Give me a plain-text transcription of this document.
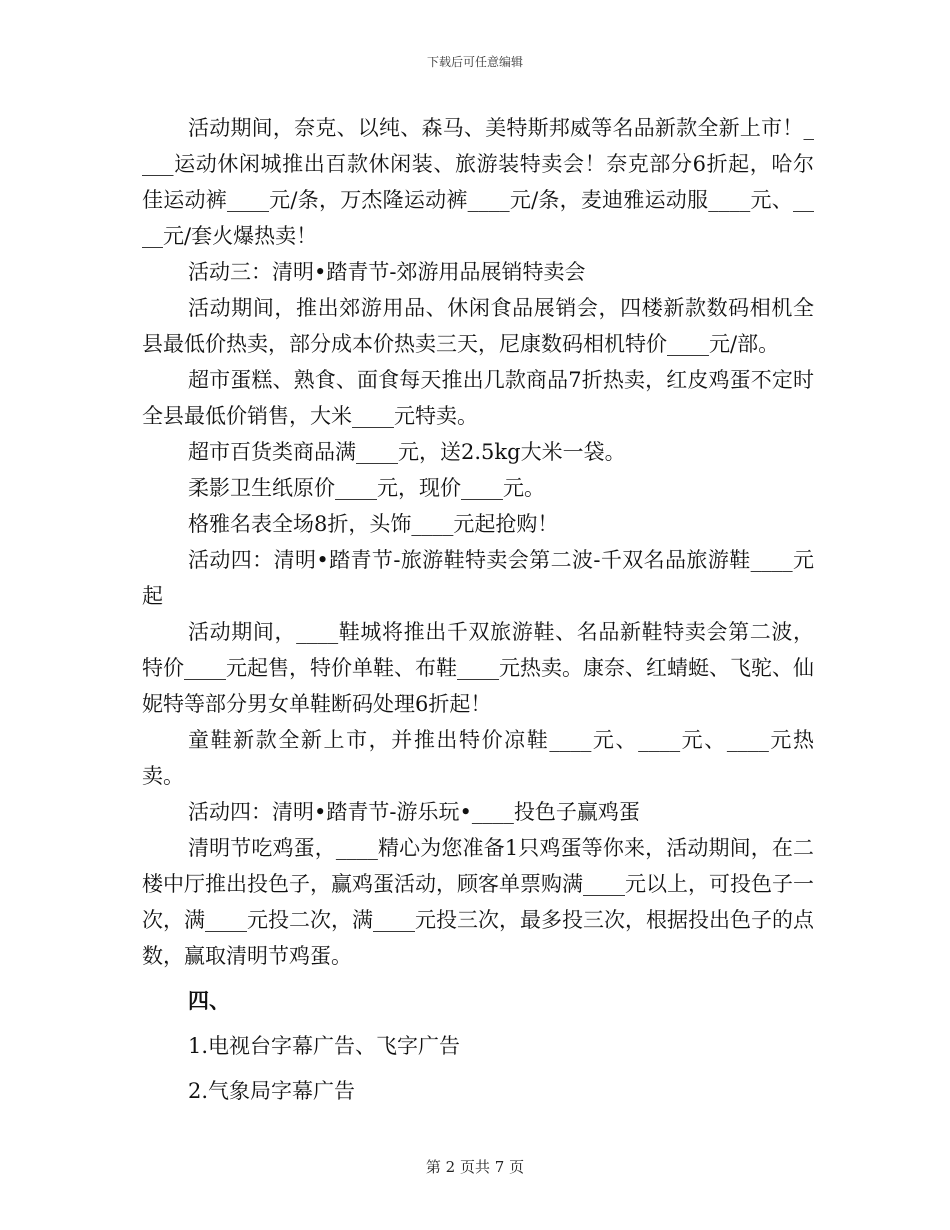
下载后可任意编辑

活动期间，奈克、以纯、森马、美特斯邦威等名品新款全新上市！____运动休闲城推出百款休闲装、旅游装特卖会！奈克部分6折起，哈尔佳运动裤____元/条，万杰隆运动裤____元/条，麦迪雅运动服____元、____元/套火爆热卖！

活动三：清明•踏青节-郊游用品展销特卖会

活动期间，推出郊游用品、休闲食品展销会，四楼新款数码相机全县最低价热卖，部分成本价热卖三天，尼康数码相机特价____元/部。

超市蛋糕、熟食、面食每天推出几款商品7折热卖，红皮鸡蛋不定时全县最低价销售，大米____元特卖。

超市百货类商品满____元，送2.5kg大米一袋。

柔影卫生纸原价____元，现价____元。

格雅名表全场8折，头饰____元起抢购！

活动四：清明•踏青节-旅游鞋特卖会第二波-千双名品旅游鞋____元起

活动期间，____鞋城将推出千双旅游鞋、名品新鞋特卖会第二波，特价____元起售，特价单鞋、布鞋____元热卖。康奈、红蜻蜓、飞驼、仙妮特等部分男女单鞋断码处理6折起！

童鞋新款全新上市，并推出特价凉鞋____元、____元、____元热卖。

活动四：清明•踏青节-游乐玩•____投色子赢鸡蛋

清明节吃鸡蛋，____精心为您准备1只鸡蛋等你来，活动期间，在二楼中厅推出投色子，赢鸡蛋活动，顾客单票购满____元以上，可投色子一次，满____元投二次，满____元投三次，最多投三次，根据投出色子的点数，赢取清明节鸡蛋。

四、

1.电视台字幕广告、飞字广告

2.气象局字幕广告

第 2 页共 7 页
